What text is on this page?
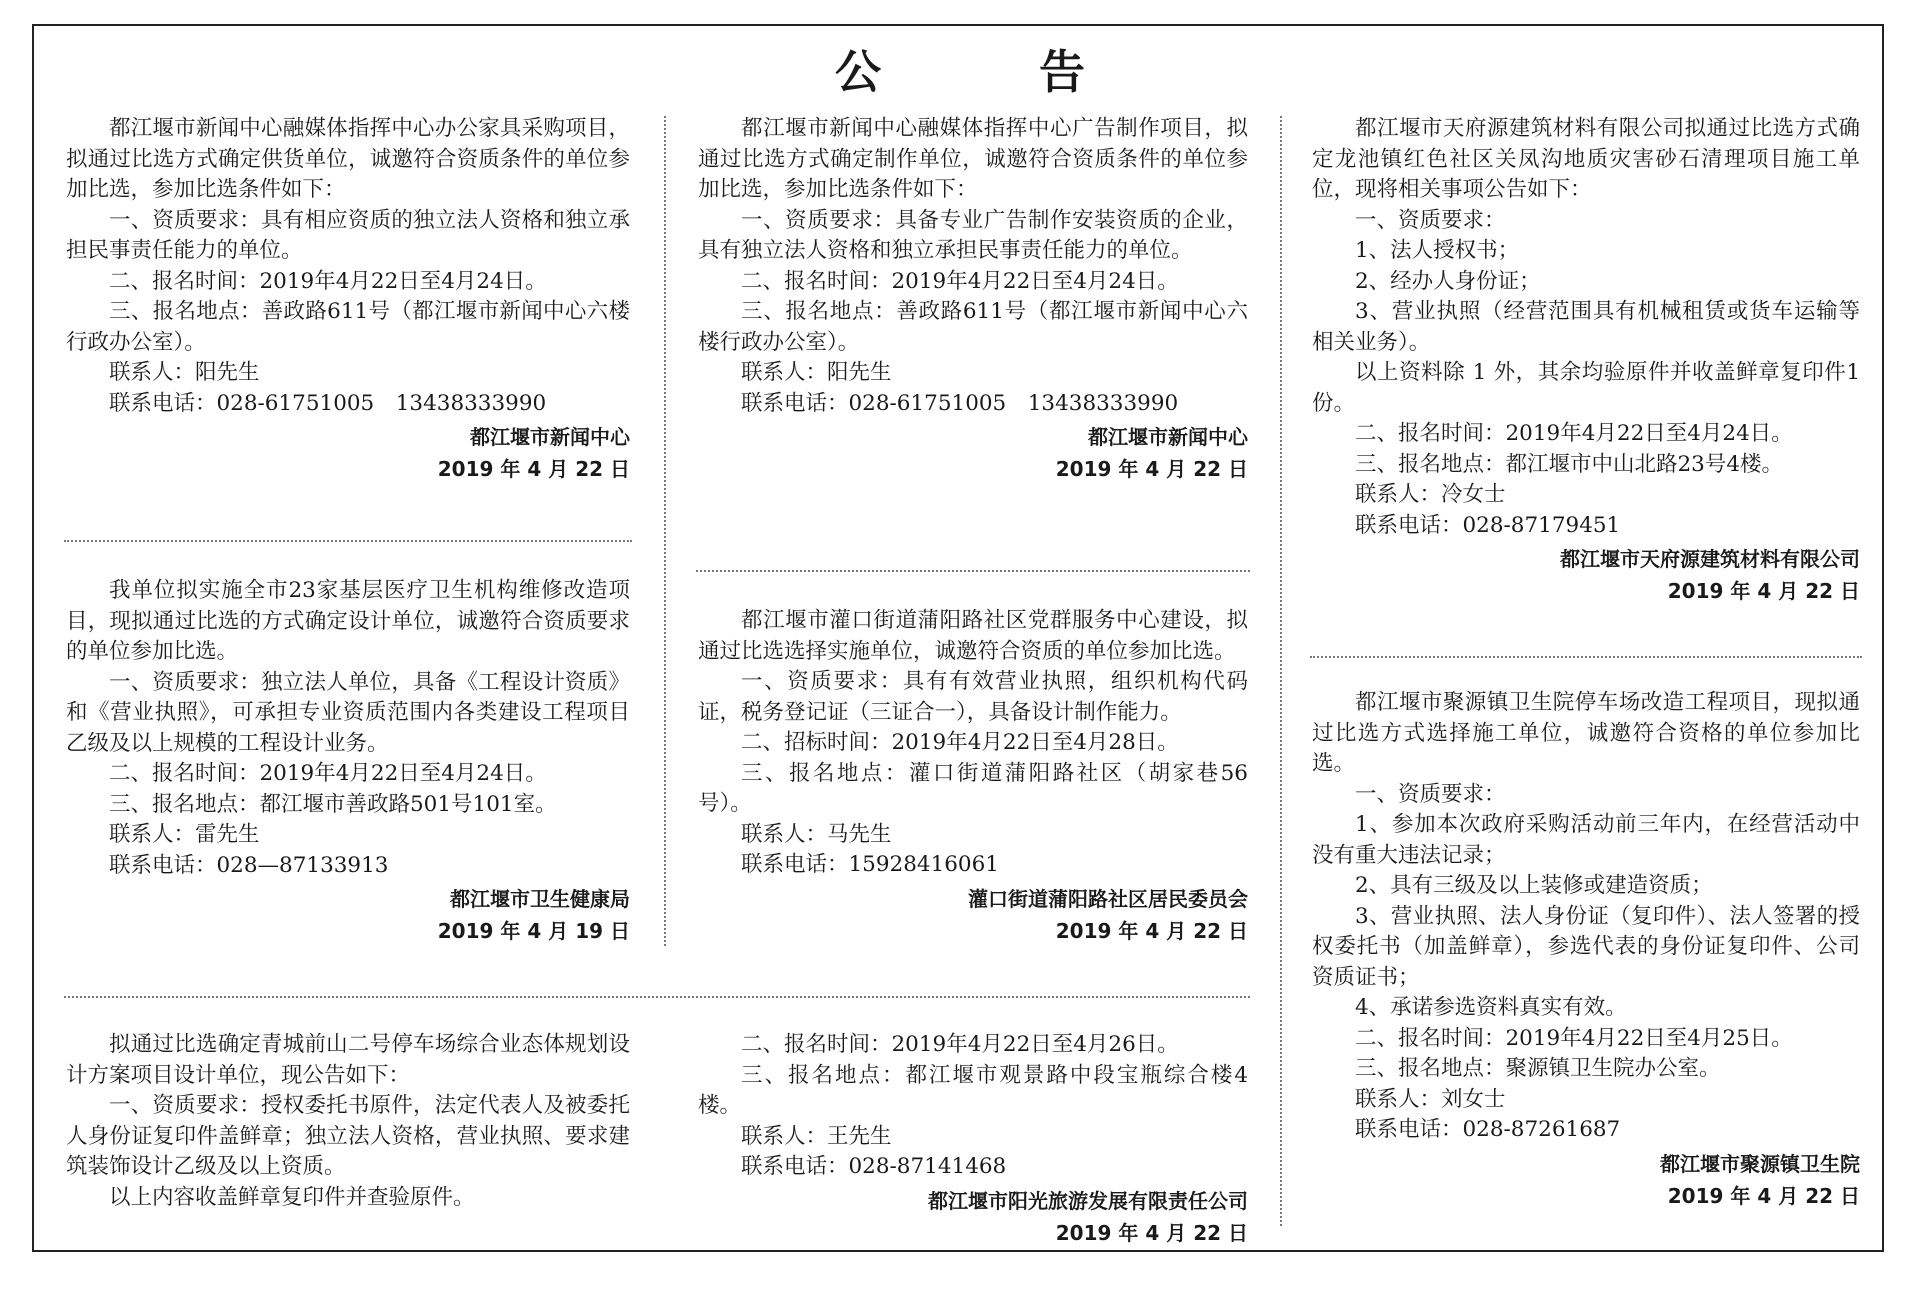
公　告

都江堰市新闻中心融媒体指挥中心办公家具采购项目，拟通过比选方式确定供货单位，诚邀符合资质条件的单位参加比选，参加比选条件如下：

一、资质要求：具有相应资质的独立法人资格和独立承担民事责任能力的单位。

二、报名时间：2019年4月22日至4月24日。

三、报名地点：善政路611号（都江堰市新闻中心六楼行政办公室）。

联系人：阳先生

联系电话：028-61751005　13438333990

都江堰市新闻中心
2019 年 4 月 22 日

我单位拟实施全市23家基层医疗卫生机构维修改造项目，现拟通过比选的方式确定设计单位，诚邀符合资质要求的单位参加比选。

一、资质要求：独立法人单位，具备《工程设计资质》和《营业执照》，可承担专业资质范围内各类建设工程项目乙级及以上规模的工程设计业务。

二、报名时间：2019年4月22日至4月24日。

三、报名地点：都江堰市善政路501号101室。

联系人：雷先生

联系电话：028—87133913

都江堰市卫生健康局
2019 年 4 月 19 日

都江堰市新闻中心融媒体指挥中心广告制作项目，拟通过比选方式确定制作单位，诚邀符合资质条件的单位参加比选，参加比选条件如下：

一、资质要求：具备专业广告制作安装资质的企业，具有独立法人资格和独立承担民事责任能力的单位。

二、报名时间：2019年4月22日至4月24日。

三、报名地点：善政路611号（都江堰市新闻中心六楼行政办公室）。

联系人：阳先生

联系电话：028-61751005　13438333990

都江堰市新闻中心
2019 年 4 月 22 日

都江堰市灌口街道蒲阳路社区党群服务中心建设，拟通过比选选择实施单位，诚邀符合资质的单位参加比选。

一、资质要求：具有有效营业执照，组织机构代码证，税务登记证（三证合一），具备设计制作能力。

二、招标时间：2019年4月22日至4月28日。

三、报名地点：灌口街道蒲阳路社区（胡家巷56号）。

联系人：马先生

联系电话：15928416061

灌口街道蒲阳路社区居民委员会
2019 年 4 月 22 日

都江堰市天府源建筑材料有限公司拟通过比选方式确定龙池镇红色社区关凤沟地质灾害砂石清理项目施工单位，现将相关事项公告如下：

一、资质要求：

1、法人授权书；

2、经办人身份证；

3、营业执照（经营范围具有机械租赁或货车运输等相关业务）。

以上资料除 1 外，其余均验原件并收盖鲜章复印件1份。

二、报名时间：2019年4月22日至4月24日。

三、报名地点：都江堰市中山北路23号4楼。

联系人：冷女士

联系电话：028-87179451

都江堰市天府源建筑材料有限公司
2019 年 4 月 22 日

都江堰市聚源镇卫生院停车场改造工程项目，现拟通过比选方式选择施工单位，诚邀符合资格的单位参加比选。

一、资质要求：

1、参加本次政府采购活动前三年内，在经营活动中没有重大违法记录；

2、具有三级及以上装修或建造资质；

3、营业执照、法人身份证（复印件）、法人签署的授权委托书（加盖鲜章），参选代表的身份证复印件、公司资质证书；

4、承诺参选资料真实有效。

二、报名时间：2019年4月22日至4月25日。

三、报名地点：聚源镇卫生院办公室。

联系人：刘女士

联系电话：028-87261687

都江堰市聚源镇卫生院
2019 年 4 月 22 日

拟通过比选确定青城前山二号停车场综合业态体规划设计方案项目设计单位，现公告如下：

一、资质要求：授权委托书原件，法定代表人及被委托人身份证复印件盖鲜章；独立法人资格，营业执照、要求建筑装饰设计乙级及以上资质。

以上内容收盖鲜章复印件并查验原件。

二、报名时间：2019年4月22日至4月26日。

三、报名地点：都江堰市观景路中段宝瓶综合楼4楼。

联系人：王先生

联系电话：028-87141468

都江堰市阳光旅游发展有限责任公司
2019 年 4 月 22 日
